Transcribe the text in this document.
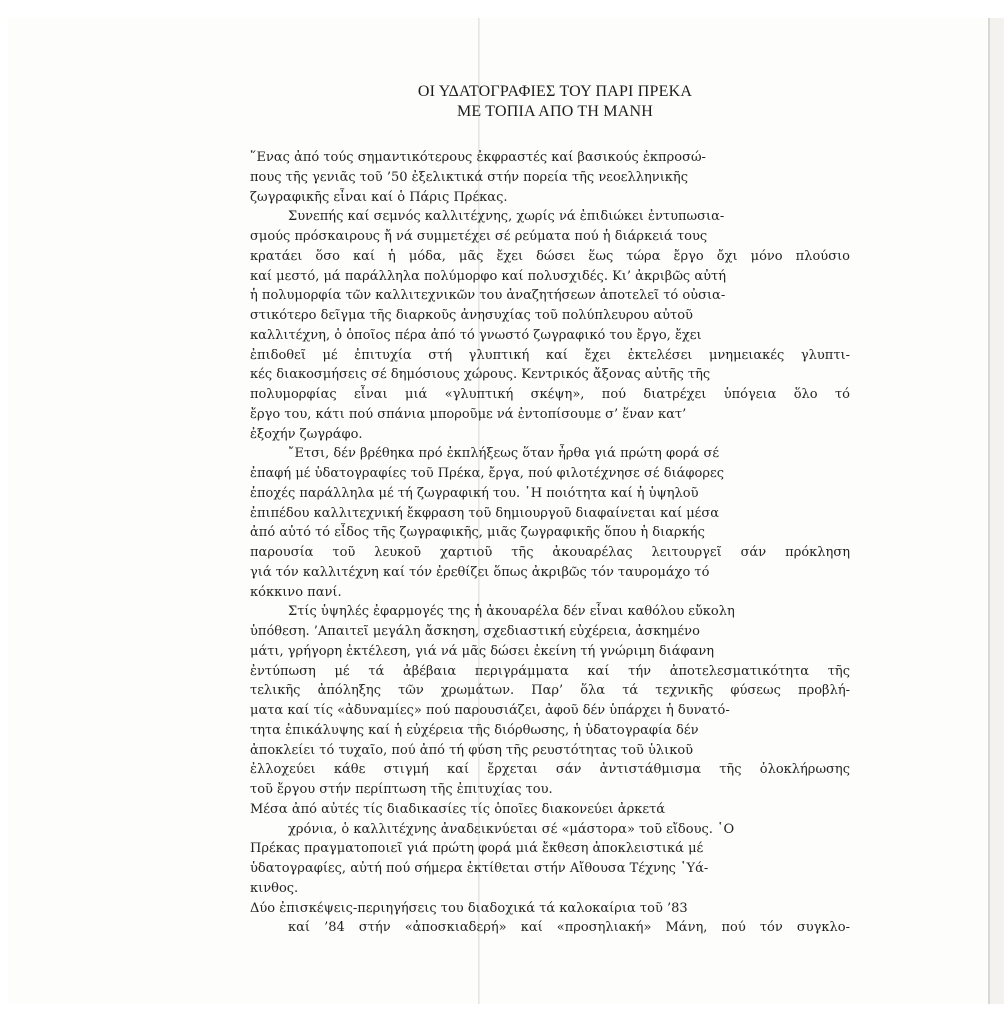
ΟΙ ΥΔΑΤΟΓΡΑΦΙΕΣ ΤΟΥ ΠΑΡΙ ΠΡΕΚΑ
ΜΕ ΤΟΠΙΑ ΑΠΟ ΤΗ ΜΑΝΗ
῞Ενας ἀπό τούς σημαντικότερους ἐκφραστές καί βασικούς ἐκπροσώ-
πους τῆς γενιᾶς τοῦ ’50 ἐξελικτικά στήν πορεία τῆς νεοελληνικῆς
ζωγραφικῆς εἶναι καί ὁ Πάρις Πρέκας.
Συνεπής καί σεμνός καλλιτέχνης, χωρίς νά ἐπιδιώκει ἐντυπωσια-
σμούς πρόσκαιρους ἤ νά συμμετέχει σέ ρεύματα πού ἡ διάρκειά τους
κρατάει ὅσο καί ἡ μόδα, μᾶς ἔχει δώσει ἕως τώρα ἔργο ὄχι μόνο πλούσιο
καί μεστό, μά παράλληλα πολύμορφο καί πολυσχιδές. Κι’ ἀκριβῶς αὐτή
ἡ πολυμορφία τῶν καλλιτεχνικῶν του ἀναζητήσεων ἀποτελεῖ τό οὐσια-
στικότερο δεῖγμα τῆς διαρκοῦς ἀνησυχίας τοῦ πολύπλευρου αὐτοῦ
καλλιτέχνη, ὁ ὁποῖος πέρα ἀπό τό γνωστό ζωγραφικό του ἔργο, ἔχει
ἐπιδοθεῖ μέ ἐπιτυχία στή γλυπτική καί ἔχει ἐκτελέσει μνημειακές γλυπτι-
κές διακοσμήσεις σέ δημόσιους χώρους. Κεντρικός ἄξονας αὐτῆς τῆς
πολυμορφίας εἶναι μιά «γλυπτική σκέψη», πού διατρέχει ὑπόγεια ὅλο τό
ἔργο του, κάτι πού σπάνια μποροῦμε νά ἐντοπίσουμε σ’ ἕναν κατ’
ἐξοχήν ζωγράφο.
῎Ετσι, δέν βρέθηκα πρό ἐκπλήξεως ὅταν ἦρθα γιά πρώτη φορά σέ
ἐπαφή μέ ὑδατογραφίες τοῦ Πρέκα, ἔργα, πού φιλοτέχνησε σέ διάφορες
ἐποχές παράλληλα μέ τή ζωγραφική του. ῾Η ποιότητα καί ἡ ὑψηλοῦ
ἐπιπέδου καλλιτεχνική ἔκφραση τοῦ δημιουργοῦ διαφαίνεται καί μέσα
ἀπό αὐτό τό εἶδος τῆς ζωγραφικῆς, μιᾶς ζωγραφικῆς ὅπου ἡ διαρκής
παρουσία τοῦ λευκοῦ χαρτιοῦ τῆς ἀκουαρέλας λειτουργεῖ σάν πρόκληση
γιά τόν καλλιτέχνη καί τόν ἐρεθίζει ὅπως ἀκριβῶς τόν ταυρομάχο τό
κόκκινο πανί.
Στίς ὑψηλές ἐφαρμογές της ἡ ἀκουαρέλα δέν εἶναι καθόλου εὔκολη
ὑπόθεση. ’Απαιτεῖ μεγάλη ἄσκηση, σχεδιαστική εὐχέρεια, ἀσκημένο
μάτι, γρήγορη ἐκτέλεση, γιά νά μᾶς δώσει ἐκείνη τή γνώριμη διάφανη
ἐντύπωση μέ τά ἀβέβαια περιγράμματα καί τήν ἀποτελεσματικότητα τῆς
τελικῆς ἀπόληξης τῶν χρωμάτων. Παρ’ ὅλα τά τεχνικῆς φύσεως προβλή-
ματα καί τίς «ἀδυναμίες» πού παρουσιάζει, ἀφοῦ δέν ὑπάρχει ἡ δυνατό-
τητα ἐπικάλυψης καί ἡ εὐχέρεια τῆς διόρθωσης, ἡ ὑδατογραφία δέν
ἀποκλείει τό τυχαῖο, πού ἀπό τή φύση τῆς ρευστότητας τοῦ ὑλικοῦ
ἐλλοχεύει κάθε στιγμή καί ἔρχεται σάν ἀντιστάθμισμα τῆς ὁλοκλήρωσης
τοῦ ἔργου στήν περίπτωση τῆς ἐπιτυχίας του.
Μέσα ἀπό αὐτές τίς διαδικασίες τίς ὁποῖες διακονεύει ἀρκετά
χρόνια, ὁ καλλιτέχνης ἀναδεικνύεται σέ «μάστορα» τοῦ εἴδους. ῾Ο
Πρέκας πραγματοποιεῖ γιά πρώτη φορά μιά ἔκθεση ἀποκλειστικά μέ
ὑδατογραφίες, αὐτή πού σήμερα ἐκτίθεται στήν Αἴθουσα Τέχνης ῾Υά-
κινθος.
Δύο ἐπισκέψεις-περιηγήσεις του διαδοχικά τά καλοκαίρια τοῦ ’83
καί ’84 στήν «ἀποσκιαδερή» καί «προσηλιακή» Μάνη, πού τόν συγκλο-
